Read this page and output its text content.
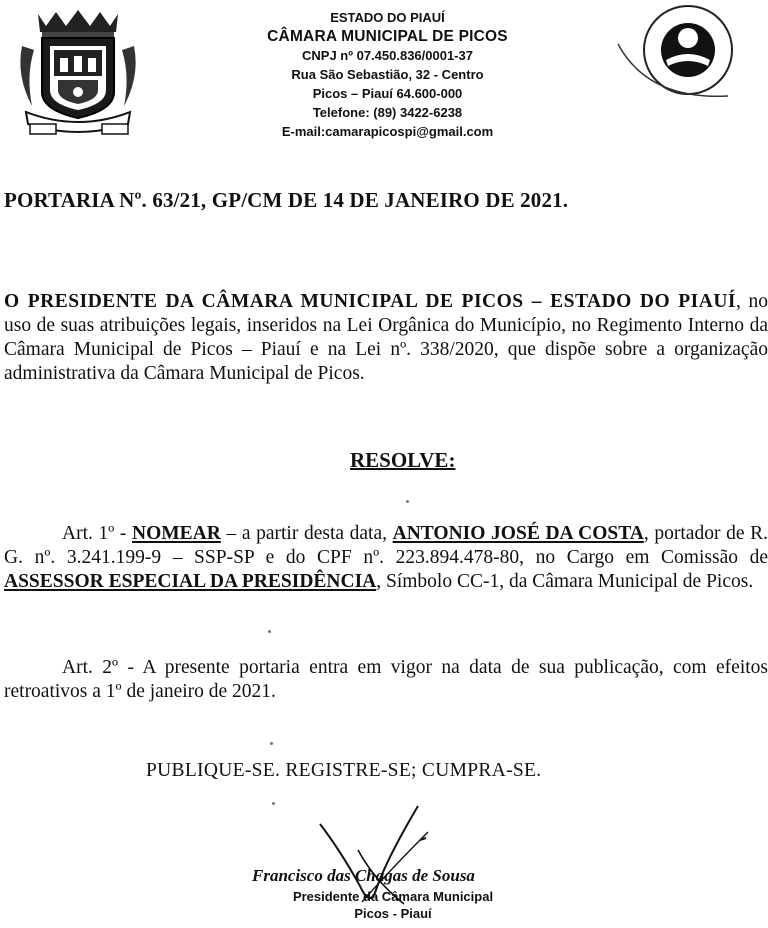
ESTADO DO PIAUÍ
CÂMARA MUNICIPAL DE PICOS
CNPJ nº 07.450.836/0001-37
Rua São Sebastião, 32 - Centro
Picos – Piauí 64.600-000
Telefone: (89) 3422-6238
E-mail:camarapicospi@gmail.com
PORTARIA Nº. 63/21, GP/CM DE 14 DE JANEIRO DE 2021.
O PRESIDENTE DA CÂMARA MUNICIPAL DE PICOS – ESTADO DO PIAUÍ, no uso de suas atribuições legais, inseridos na Lei Orgânica do Município, no Regimento Interno da Câmara Municipal de Picos – Piauí e na Lei nº. 338/2020, que dispõe sobre a organização administrativa da Câmara Municipal de Picos.
RESOLVE:
Art. 1º - NOMEAR – a partir desta data, ANTONIO JOSÉ DA COSTA, portador de R. G. nº. 3.241.199-9 – SSP-SP e do CPF nº. 223.894.478-80, no Cargo em Comissão de ASSESSOR ESPECIAL DA PRESIDÊNCIA, Símbolo CC-1, da Câmara Municipal de Picos.
Art. 2º - A presente portaria entra em vigor na data de sua publicação, com efeitos retroativos a 1º de janeiro de 2021.
PUBLIQUE-SE. REGISTRE-SE; CUMPRA-SE.
Francisco das Chagas de Sousa
Presidente da Câmara Municipal
Picos - Piauí
